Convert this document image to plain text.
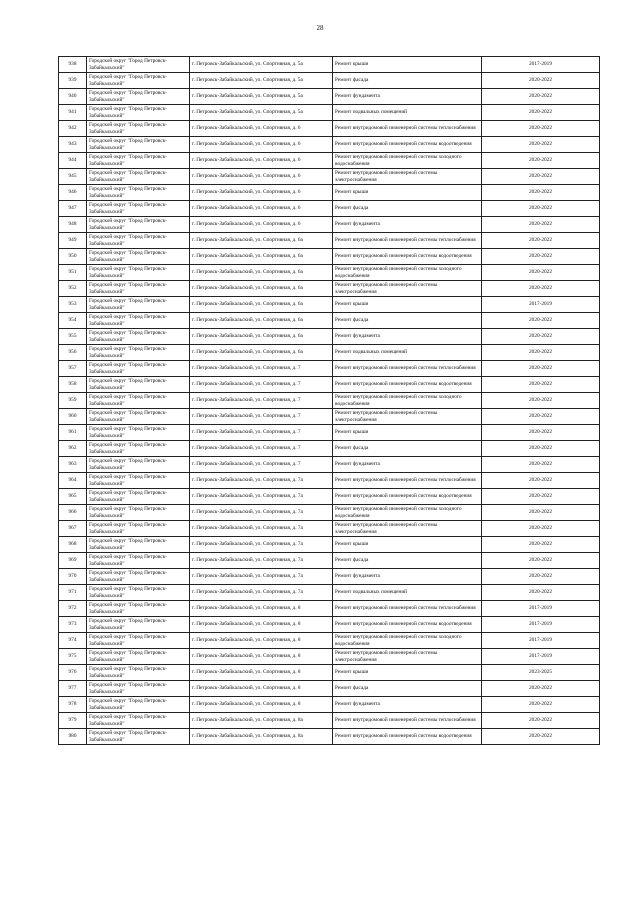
28
938	Городской округ "Город Петровск-Забайкальский"	г. Петровск-Забайкальский, ул. Спортивная, д. 5а	Ремонт крыши	2017-2019
939	Городской округ "Город Петровск-Забайкальский"	г. Петровск-Забайкальский, ул. Спортивная, д. 5а	Ремонт фасада	2020-2022
940	Городской округ "Город Петровск-Забайкальский"	г. Петровск-Забайкальский, ул. Спортивная, д. 5а	Ремонт фундамента	2020-2022
941	Городской округ "Город Петровск-Забайкальский"	г. Петровск-Забайкальский, ул. Спортивная, д. 5а	Ремонт подвальных помещений	2020-2022
942	Городской округ "Город Петровск-Забайкальский"	г. Петровск-Забайкальский, ул. Спортивная, д. 6	Ремонт внутридомовой инженерной системы теплоснабжения	2020-2022
943	Городской округ "Город Петровск-Забайкальский"	г. Петровск-Забайкальский, ул. Спортивная, д. 6	Ремонт внутридомовой инженерной системы водоотведения	2020-2022
944	Городской округ "Город Петровск-Забайкальский"	г. Петровск-Забайкальский, ул. Спортивная, д. 6	Ремонт внутридомовой инженерной системы холодного водоснабжения	2020-2022
945	Городской округ "Город Петровск-Забайкальский"	г. Петровск-Забайкальский, ул. Спортивная, д. 6	Ремонт внутридомовой инженерной системы электроснабжения	2020-2022
946	Городской округ "Город Петровск-Забайкальский"	г. Петровск-Забайкальский, ул. Спортивная, д. 6	Ремонт крыши	2020-2022
947	Городской округ "Город Петровск-Забайкальский"	г. Петровск-Забайкальский, ул. Спортивная, д. 6	Ремонт фасада	2020-2022
948	Городской округ "Город Петровск-Забайкальский"	г. Петровск-Забайкальский, ул. Спортивная, д. 6	Ремонт фундамента	2020-2022
949	Городской округ "Город Петровск-Забайкальский"	г. Петровск-Забайкальский, ул. Спортивная, д. 6а	Ремонт внутридомовой инженерной системы теплоснабжения	2020-2022
950	Городской округ "Город Петровск-Забайкальский"	г. Петровск-Забайкальский, ул. Спортивная, д. 6а	Ремонт внутридомовой инженерной системы водоотведения	2020-2022
951	Городской округ "Город Петровск-Забайкальский"	г. Петровск-Забайкальский, ул. Спортивная, д. 6а	Ремонт внутридомовой инженерной системы холодного водоснабжения	2020-2022
952	Городской округ "Город Петровск-Забайкальский"	г. Петровск-Забайкальский, ул. Спортивная, д. 6а	Ремонт внутридомовой инженерной системы электроснабжения	2020-2022
953	Городской округ "Город Петровск-Забайкальский"	г. Петровск-Забайкальский, ул. Спортивная, д. 6а	Ремонт крыши	2017-2019
954	Городской округ "Город Петровск-Забайкальский"	г. Петровск-Забайкальский, ул. Спортивная, д. 6а	Ремонт фасада	2020-2022
955	Городской округ "Город Петровск-Забайкальский"	г. Петровск-Забайкальский, ул. Спортивная, д. 6а	Ремонт фундамента	2020-2022
956	Городской округ "Город Петровск-Забайкальский"	г. Петровск-Забайкальский, ул. Спортивная, д. 6а	Ремонт подвальных помещений	2020-2022
957	Городской округ "Город Петровск-Забайкальский"	г. Петровск-Забайкальский, ул. Спортивная, д. 7	Ремонт внутридомовой инженерной системы теплоснабжения	2020-2022
958	Городской округ "Город Петровск-Забайкальский"	г. Петровск-Забайкальский, ул. Спортивная, д. 7	Ремонт внутридомовой инженерной системы водоотведения	2020-2022
959	Городской округ "Город Петровск-Забайкальский"	г. Петровск-Забайкальский, ул. Спортивная, д. 7	Ремонт внутридомовой инженерной системы холодного водоснабжения	2020-2022
960	Городской округ "Город Петровск-Забайкальский"	г. Петровск-Забайкальский, ул. Спортивная, д. 7	Ремонт внутридомовой инженерной системы электроснабжения	2020-2022
961	Городской округ "Город Петровск-Забайкальский"	г. Петровск-Забайкальский, ул. Спортивная, д. 7	Ремонт крыши	2020-2022
962	Городской округ "Город Петровск-Забайкальский"	г. Петровск-Забайкальский, ул. Спортивная, д. 7	Ремонт фасада	2020-2022
963	Городской округ "Город Петровск-Забайкальский"	г. Петровск-Забайкальский, ул. Спортивная, д. 7	Ремонт фундамента	2020-2022
964	Городской округ "Город Петровск-Забайкальский"	г. Петровск-Забайкальский, ул. Спортивная, д. 7а	Ремонт внутридомовой инженерной системы теплоснабжения	2020-2022
965	Городской округ "Город Петровск-Забайкальский"	г. Петровск-Забайкальский, ул. Спортивная, д. 7а	Ремонт внутридомовой инженерной системы водоотведения	2020-2022
966	Городской округ "Город Петровск-Забайкальский"	г. Петровск-Забайкальский, ул. Спортивная, д. 7а	Ремонт внутридомовой инженерной системы холодного водоснабжения	2020-2022
967	Городской округ "Город Петровск-Забайкальский"	г. Петровск-Забайкальский, ул. Спортивная, д. 7а	Ремонт внутридомовой инженерной системы электроснабжения	2020-2022
968	Городской округ "Город Петровск-Забайкальский"	г. Петровск-Забайкальский, ул. Спортивная, д. 7а	Ремонт крыши	2020-2022
969	Городской округ "Город Петровск-Забайкальский"	г. Петровск-Забайкальский, ул. Спортивная, д. 7а	Ремонт фасада	2020-2022
970	Городской округ "Город Петровск-Забайкальский"	г. Петровск-Забайкальский, ул. Спортивная, д. 7а	Ремонт фундамента	2020-2022
971	Городской округ "Город Петровск-Забайкальский"	г. Петровск-Забайкальский, ул. Спортивная, д. 7а	Ремонт подвальных помещений	2020-2022
972	Городской округ "Город Петровск-Забайкальский"	г. Петровск-Забайкальский, ул. Спортивная, д. 8	Ремонт внутридомовой инженерной системы теплоснабжения	2017-2019
973	Городской округ "Город Петровск-Забайкальский"	г. Петровск-Забайкальский, ул. Спортивная, д. 8	Ремонт внутридомовой инженерной системы водоотведения	2017-2019
974	Городской округ "Город Петровск-Забайкальский"	г. Петровск-Забайкальский, ул. Спортивная, д. 8	Ремонт внутридомовой инженерной системы холодного водоснабжения	2017-2019
975	Городской округ "Город Петровск-Забайкальский"	г. Петровск-Забайкальский, ул. Спортивная, д. 8	Ремонт внутридомовой инженерной системы электроснабжения	2017-2019
976	Городской округ "Город Петровск-Забайкальский"	г. Петровск-Забайкальский, ул. Спортивная, д. 8	Ремонт крыши	2023-2025
977	Городской округ "Город Петровск-Забайкальский"	г. Петровск-Забайкальский, ул. Спортивная, д. 8	Ремонт фасада	2020-2022
978	Городской округ "Город Петровск-Забайкальский"	г. Петровск-Забайкальский, ул. Спортивная, д. 8	Ремонт фундамента	2020-2022
979	Городской округ "Город Петровск-Забайкальский"	г. Петровск-Забайкальский, ул. Спортивная, д. 8а	Ремонт внутридомовой инженерной системы теплоснабжения	2020-2022
980	Городской округ "Город Петровск-Забайкальский"	г. Петровск-Забайкальский, ул. Спортивная, д. 8а	Ремонт внутридомовой инженерной системы водоотведения	2020-2022
